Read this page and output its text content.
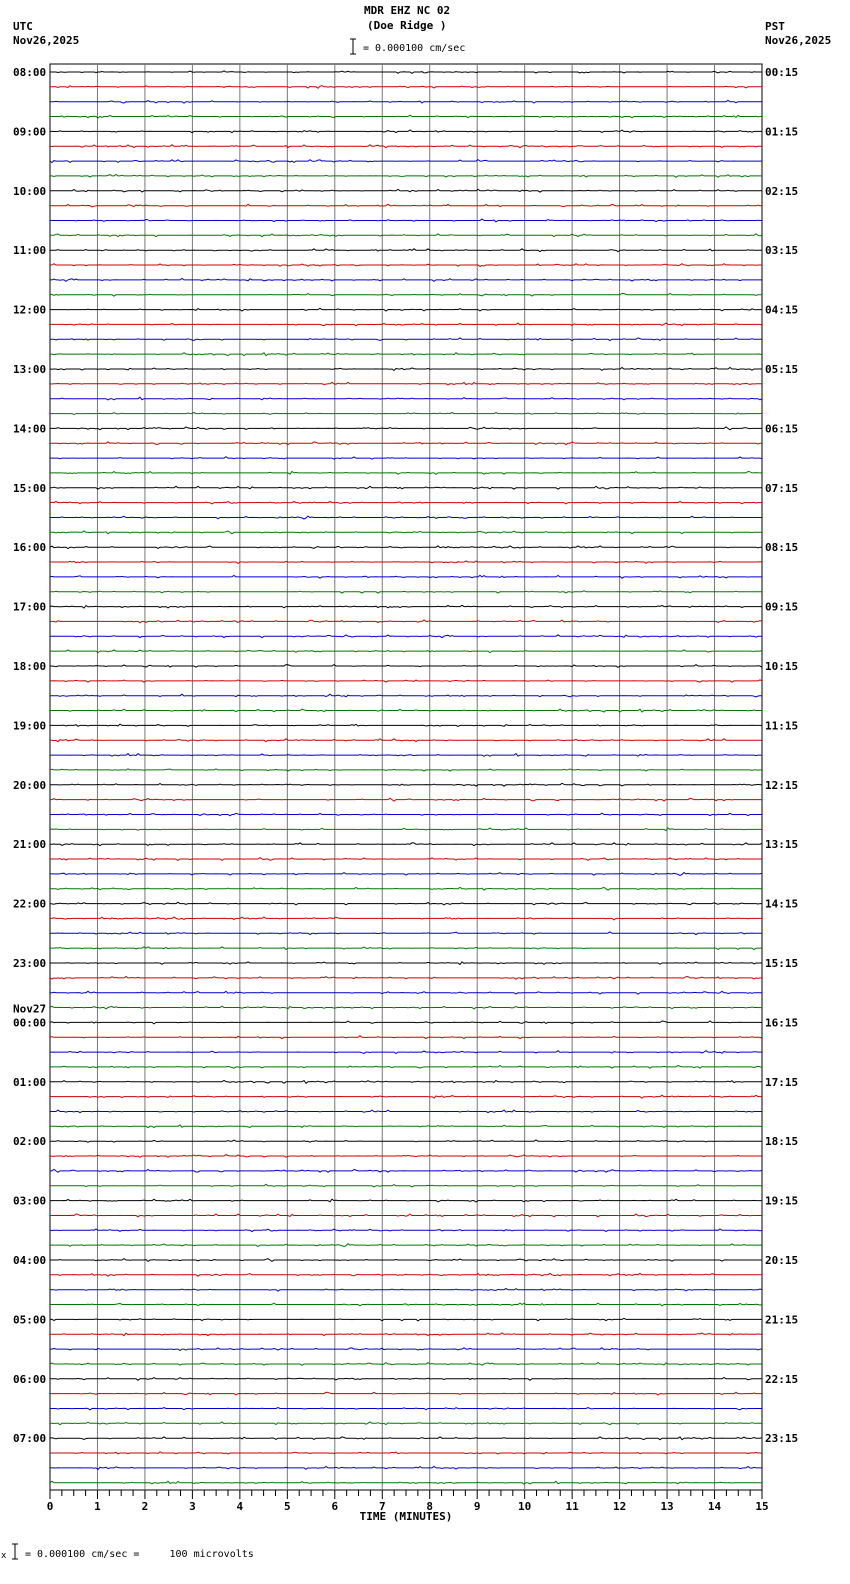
MDR EHZ NC 02
(Doe Ridge )
UTC
Nov26,2025
PST
Nov26,2025
= 0.000100 cm/sec
08:00
09:00
10:00
11:00
12:00
13:00
14:00
15:00
16:00
17:00
18:00
19:00
20:00
21:00
22:00
23:00
00:00
Nov27
01:00
02:00
03:00
04:00
05:00
06:00
07:00
00:15
01:15
02:15
03:15
04:15
05:15
06:15
07:15
08:15
09:15
10:15
11:15
12:15
13:15
14:15
15:15
16:15
17:15
18:15
19:15
20:15
21:15
22:15
23:15
0	1	2	3	4	5	6	7	8	9	10	11	12	13	14	15
TIME (MINUTES)
x = 0.000100 cm/sec =     100 microvolts
